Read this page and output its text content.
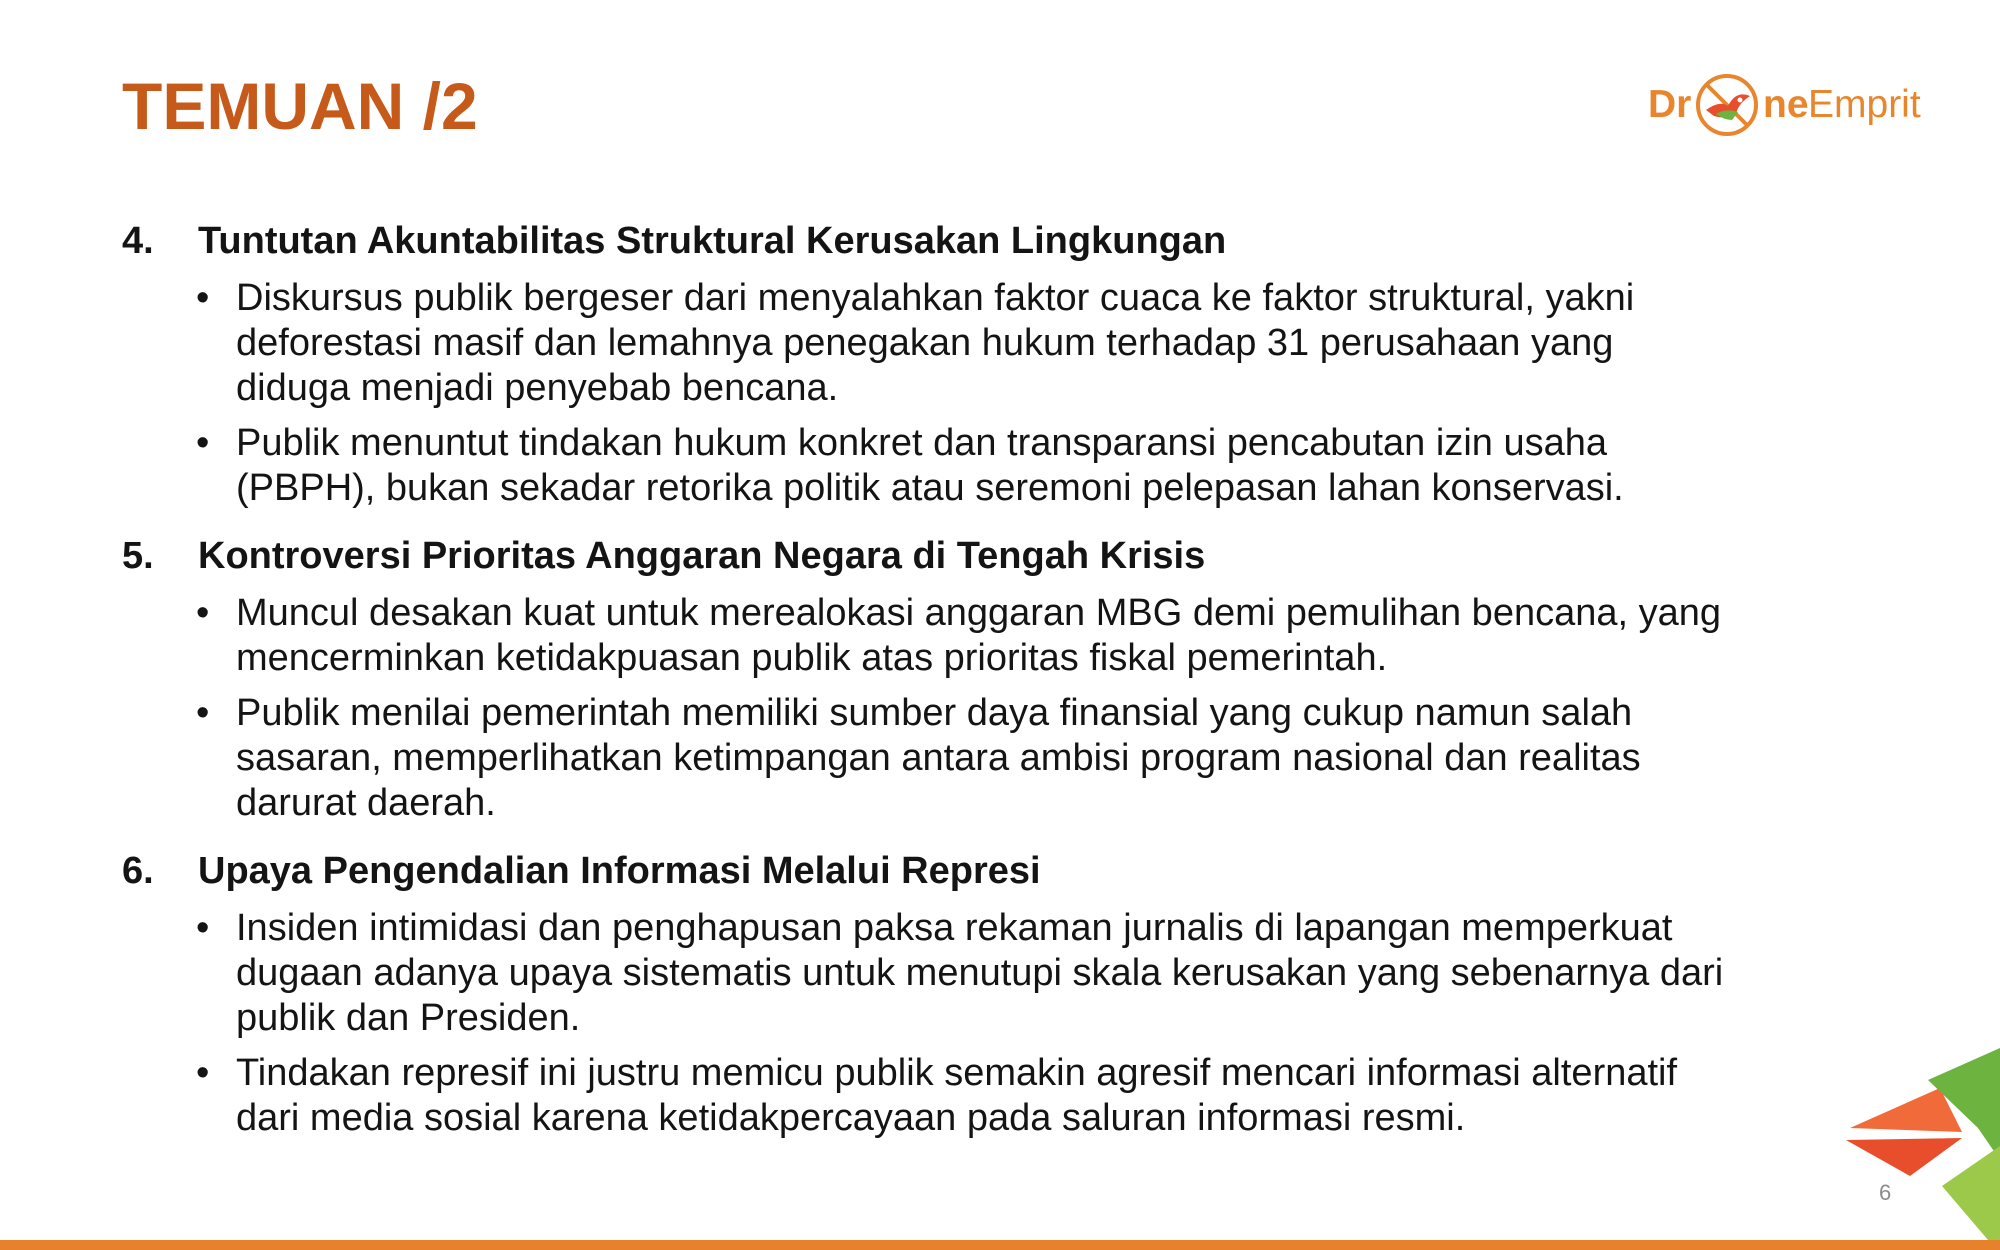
TEMUAN /2	Dr ne Emprit
4. Tuntutan Akuntabilitas Struktural Kerusakan Lingkungan
• Diskursus publik bergeser dari menyalahkan faktor cuaca ke faktor struktural, yakni
deforestasi masif dan lemahnya penegakan hukum terhadap 31 perusahaan yang
diduga menjadi penyebab bencana.
• Publik menuntut tindakan hukum konkret dan transparansi pencabutan izin usaha
(PBPH), bukan sekadar retorika politik atau seremoni pelepasan lahan konservasi.
5. Kontroversi Prioritas Anggaran Negara di Tengah Krisis
• Muncul desakan kuat untuk merealokasi anggaran MBG demi pemulihan bencana, yang
mencerminkan ketidakpuasan publik atas prioritas fiskal pemerintah.
• Publik menilai pemerintah memiliki sumber daya finansial yang cukup namun salah
sasaran, memperlihatkan ketimpangan antara ambisi program nasional dan realitas
darurat daerah.
6. Upaya Pengendalian Informasi Melalui Represi
• Insiden intimidasi dan penghapusan paksa rekaman jurnalis di lapangan memperkuat
dugaan adanya upaya sistematis untuk menutupi skala kerusakan yang sebenarnya dari
publik dan Presiden.
• Tindakan represif ini justru memicu publik semakin agresif mencari informasi alternatif
dari media sosial karena ketidakpercayaan pada saluran informasi resmi.
6
